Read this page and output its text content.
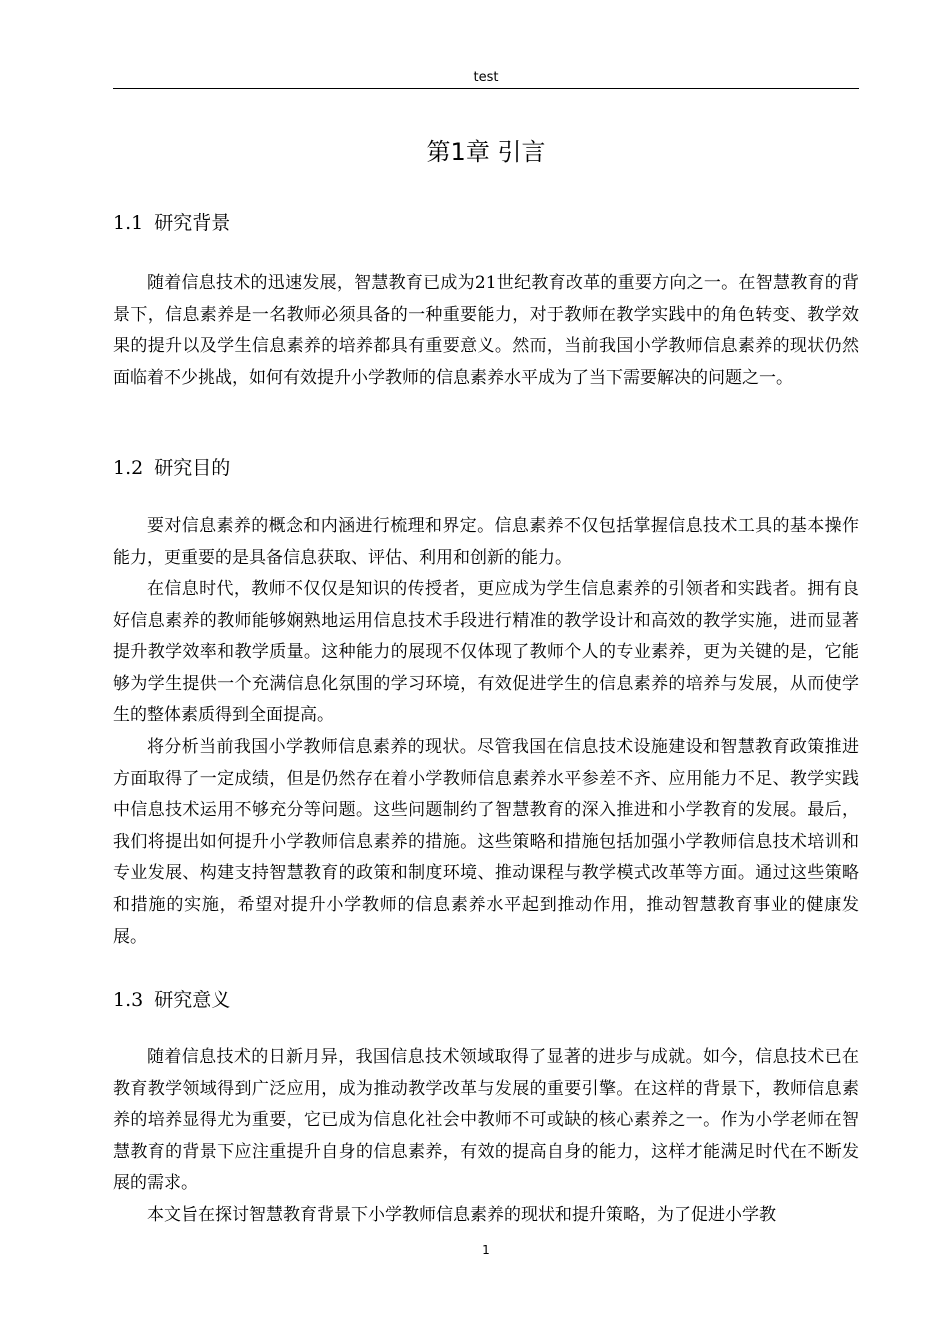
test
第1章 引言
1.1 研究背景
随着信息技术的迅速发展，智慧教育已成为21世纪教育改革的重要方向之一。在智慧教育的背景下，信息素养是一名教师必须具备的一种重要能力，对于教师在教学实践中的角色转变、教学效果的提升以及学生信息素养的培养都具有重要意义。然而，当前我国小学教师信息素养的现状仍然面临着不少挑战，如何有效提升小学教师的信息素养水平成为了当下需要解决的问题之一。
1.2 研究目的
要对信息素养的概念和内涵进行梳理和界定。信息素养不仅包括掌握信息技术工具的基本操作能力，更重要的是具备信息获取、评估、利用和创新的能力。
在信息时代，教师不仅仅是知识的传授者，更应成为学生信息素养的引领者和实践者。拥有良好信息素养的教师能够娴熟地运用信息技术手段进行精准的教学设计和高效的教学实施，进而显著提升教学效率和教学质量。这种能力的展现不仅体现了教师个人的专业素养，更为关键的是，它能够为学生提供一个充满信息化氛围的学习环境，有效促进学生的信息素养的培养与发展，从而使学生的整体素质得到全面提高。
将分析当前我国小学教师信息素养的现状。尽管我国在信息技术设施建设和智慧教育政策推进方面取得了一定成绩，但是仍然存在着小学教师信息素养水平参差不齐、应用能力不足、教学实践中信息技术运用不够充分等问题。这些问题制约了智慧教育的深入推进和小学教育的发展。最后，我们将提出如何提升小学教师信息素养的措施。这些策略和措施包括加强小学教师信息技术培训和专业发展、构建支持智慧教育的政策和制度环境、推动课程与教学模式改革等方面。通过这些策略和措施的实施，希望对提升小学教师的信息素养水平起到推动作用，推动智慧教育事业的健康发展。
1.3 研究意义
随着信息技术的日新月异，我国信息技术领域取得了显著的进步与成就。如今，信息技术已在教育教学领域得到广泛应用，成为推动教学改革与发展的重要引擎。在这样的背景下，教师信息素养的培养显得尤为重要，它已成为信息化社会中教师不可或缺的核心素养之一。作为小学老师在智慧教育的背景下应注重提升自身的信息素养，有效的提高自身的能力，这样才能满足时代在不断发展的需求。
本文旨在探讨智慧教育背景下小学教师信息素养的现状和提升策略，为了促进小学教
1
